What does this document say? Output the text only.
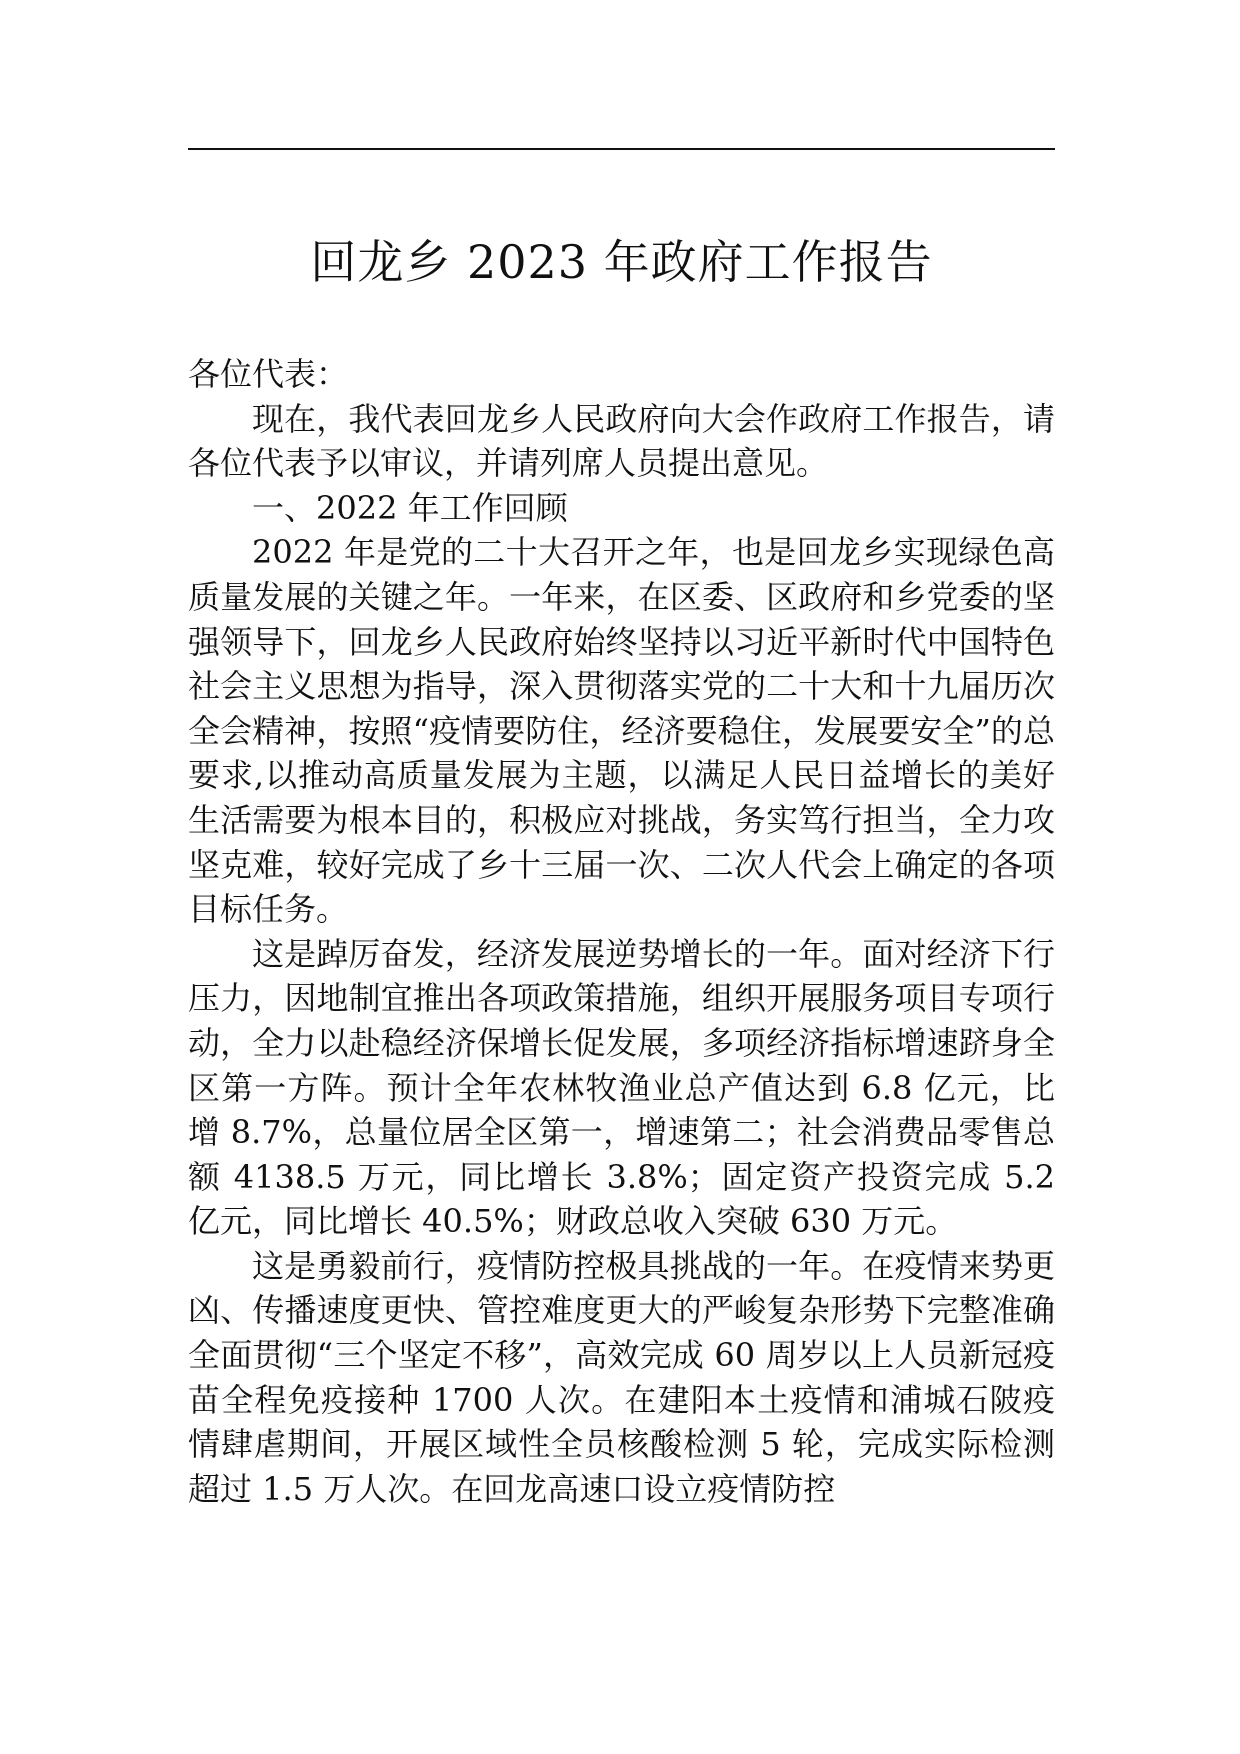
回龙乡 2023 年政府工作报告

各位代表：

现在，我代表回龙乡人民政府向大会作政府工作报告，请各位代表予以审议，并请列席人员提出意见。

一、2022 年工作回顾

2022 年是党的二十大召开之年，也是回龙乡实现绿色高质量发展的关键之年。一年来，在区委、区政府和乡党委的坚强领导下，回龙乡人民政府始终坚持以习近平新时代中国特色社会主义思想为指导，深入贯彻落实党的二十大和十九届历次全会精神，按照“疫情要防住，经济要稳住，发展要安全”的总要求,以推动高质量发展为主题，以满足人民日益增长的美好生活需要为根本目的，积极应对挑战，务实笃行担当，全力攻坚克难，较好完成了乡十三届一次、二次人代会上确定的各项目标任务。

这是踔厉奋发，经济发展逆势增长的一年。面对经济下行压力，因地制宜推出各项政策措施，组织开展服务项目专项行动，全力以赴稳经济保增长促发展，多项经济指标增速跻身全区第一方阵。预计全年农林牧渔业总产值达到 6.8 亿元，比增 8.7%，总量位居全区第一，增速第二；社会消费品零售总额 4138.5 万元，同比增长 3.8%；固定资产投资完成 5.2 亿元，同比增长 40.5%；财政总收入突破 630 万元。

这是勇毅前行，疫情防控极具挑战的一年。在疫情来势更凶、传播速度更快、管控难度更大的严峻复杂形势下完整准确全面贯彻“三个坚定不移”，高效完成 60 周岁以上人员新冠疫苗全程免疫接种 1700 人次。在建阳本土疫情和浦城石陂疫情肆虐期间，开展区域性全员核酸检测 5 轮，完成实际检测超过 1.5 万人次。在回龙高速口设立疫情防控
